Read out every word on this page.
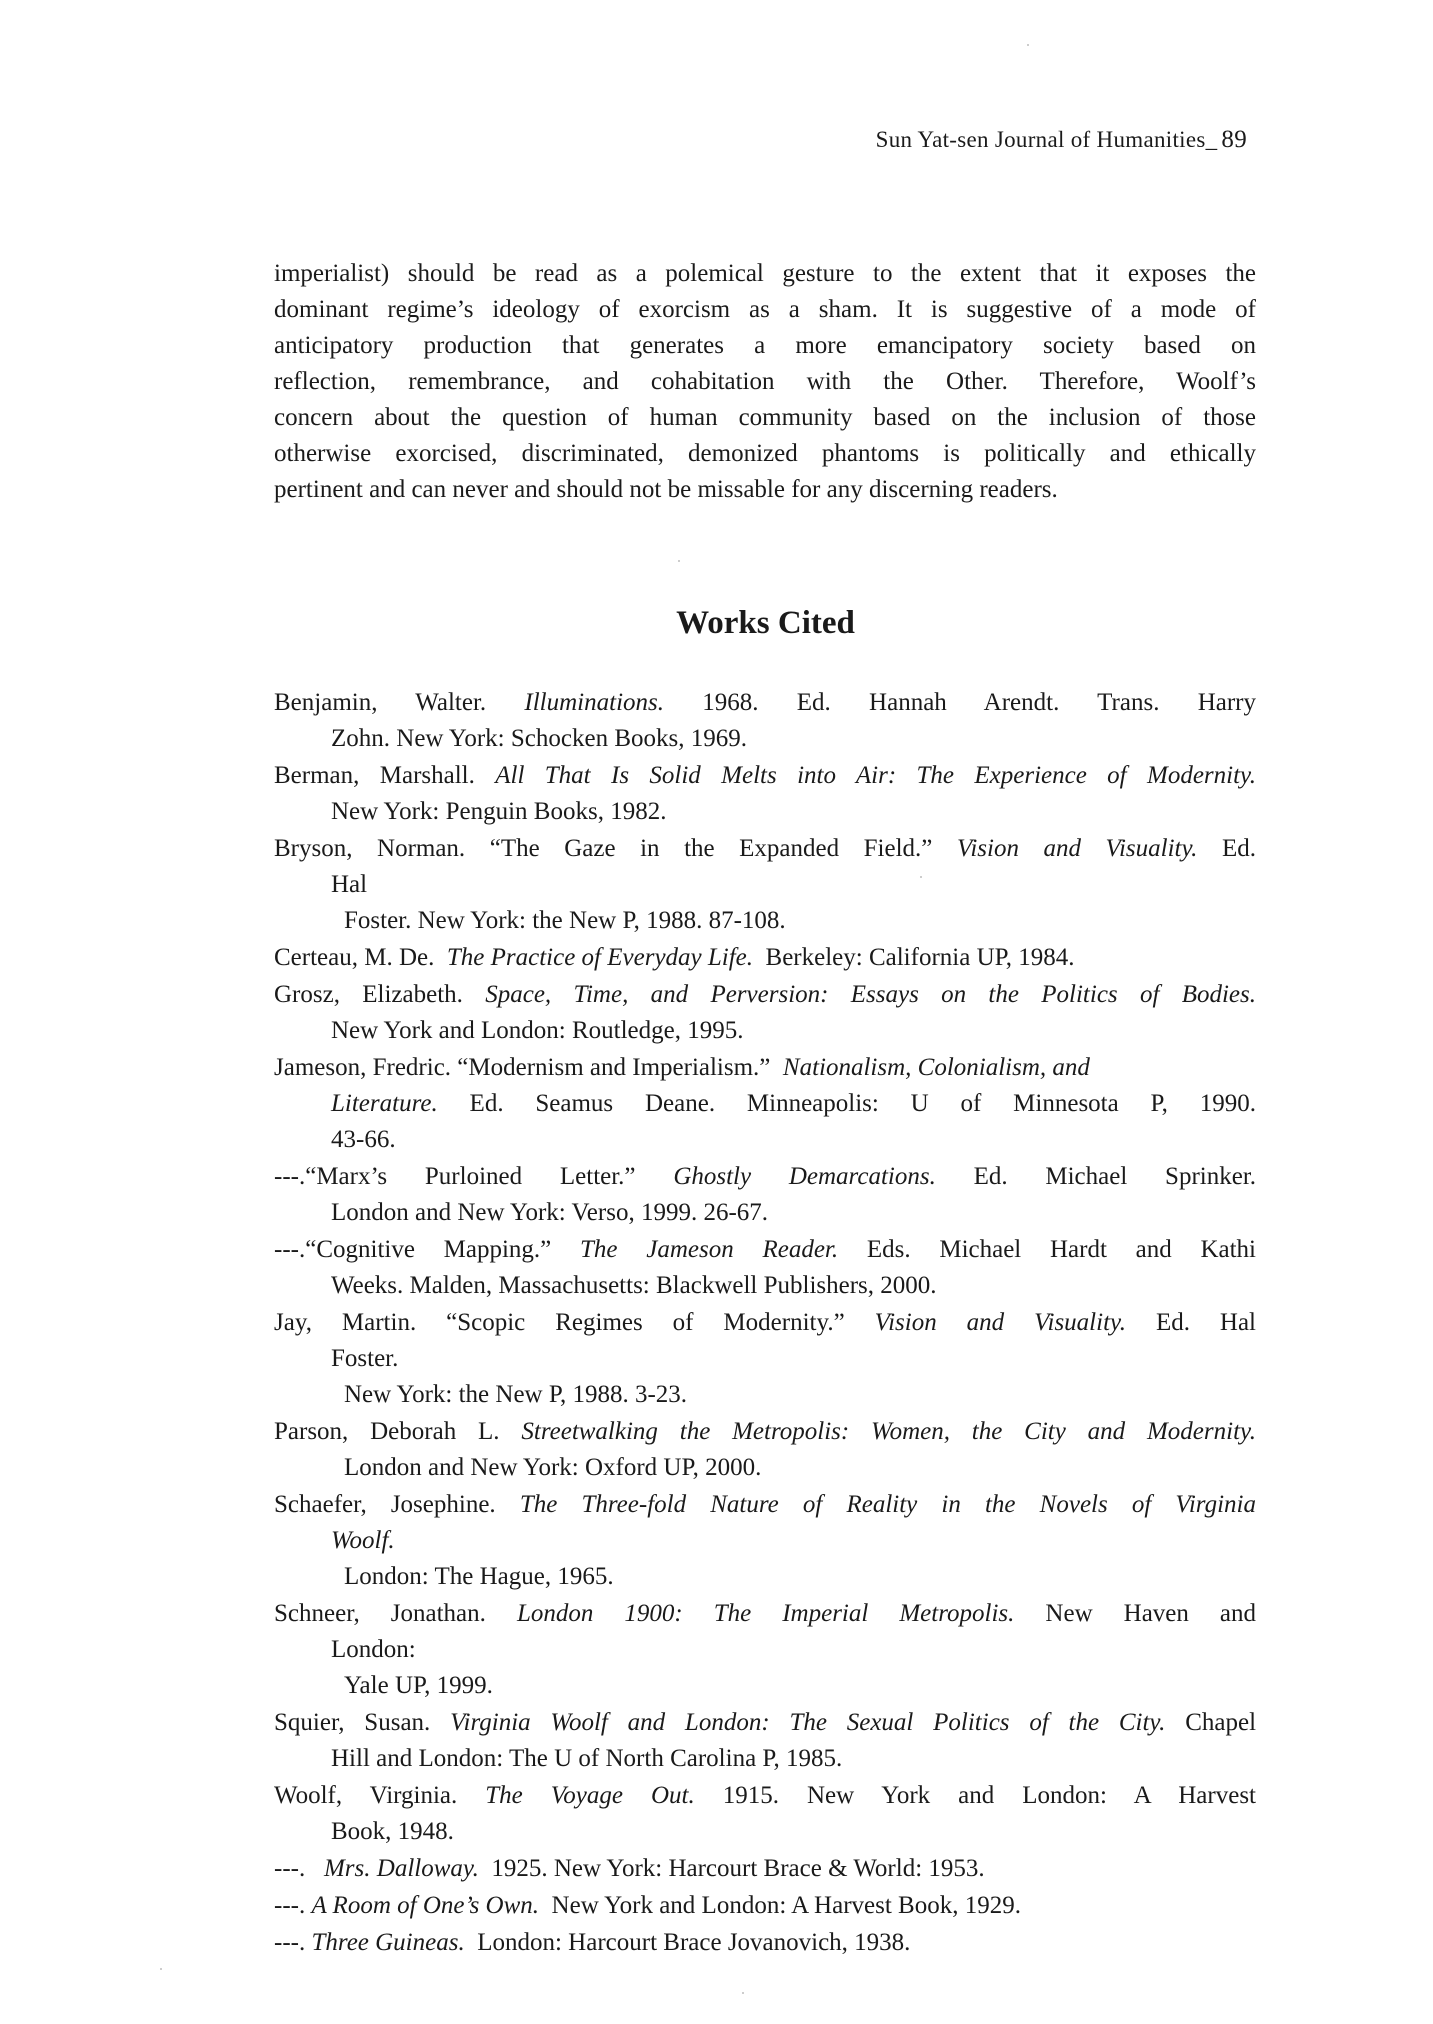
Sun Yat-sen Journal of Humanities_ 89
imperialist) should be read as a polemical gesture to the extent that it exposes the
dominant regime’s ideology of exorcism as a sham. It is suggestive of a mode of
anticipatory production that generates a more emancipatory society based on
reflection, remembrance, and cohabitation with the Other. Therefore, Woolf’s
concern about the question of human community based on the inclusion of those
otherwise exorcised, discriminated, demonized phantoms is politically and ethically
pertinent and can never and should not be missable for any discerning readers.
Works Cited
Benjamin, Walter. Illuminations. 1968. Ed. Hannah Arendt. Trans. Harry
Zohn. New York: Schocken Books, 1969.
Berman, Marshall. All That Is Solid Melts into Air: The Experience of Modernity.
New York: Penguin Books, 1982.
Bryson, Norman. “The Gaze in the Expanded Field.” Vision and Visuality. Ed.
Hal
Foster. New York: the New P, 1988. 87-108.
Certeau, M. De. The Practice of Everyday Life. Berkeley: California UP, 1984.
Grosz, Elizabeth. Space, Time, and Perversion: Essays on the Politics of Bodies.
New York and London: Routledge, 1995.
Jameson, Fredric. “Modernism and Imperialism.” Nationalism, Colonialism, and
Literature. Ed. Seamus Deane. Minneapolis: U of Minnesota P, 1990.
43-66.
---.“Marx’s Purloined Letter.” Ghostly Demarcations. Ed. Michael Sprinker.
London and New York: Verso, 1999. 26-67.
---.“Cognitive Mapping.” The Jameson Reader. Eds. Michael Hardt and Kathi
Weeks. Malden, Massachusetts: Blackwell Publishers, 2000.
Jay, Martin. “Scopic Regimes of Modernity.” Vision and Visuality. Ed. Hal
Foster.
New York: the New P, 1988. 3-23.
Parson, Deborah L. Streetwalking the Metropolis: Women, the City and Modernity.
London and New York: Oxford UP, 2000.
Schaefer, Josephine. The Three-fold Nature of Reality in the Novels of Virginia
Woolf.
London: The Hague, 1965.
Schneer, Jonathan. London 1900: The Imperial Metropolis. New Haven and
London:
Yale UP, 1999.
Squier, Susan. Virginia Woolf and London: The Sexual Politics of the City. Chapel
Hill and London: The U of North Carolina P, 1985.
Woolf, Virginia. The Voyage Out. 1915. New York and London: A Harvest
Book, 1948.
---. Mrs. Dalloway. 1925. New York: Harcourt Brace & World: 1953.
---. A Room of One’s Own. New York and London: A Harvest Book, 1929.
---. Three Guineas. London: Harcourt Brace Jovanovich, 1938.
